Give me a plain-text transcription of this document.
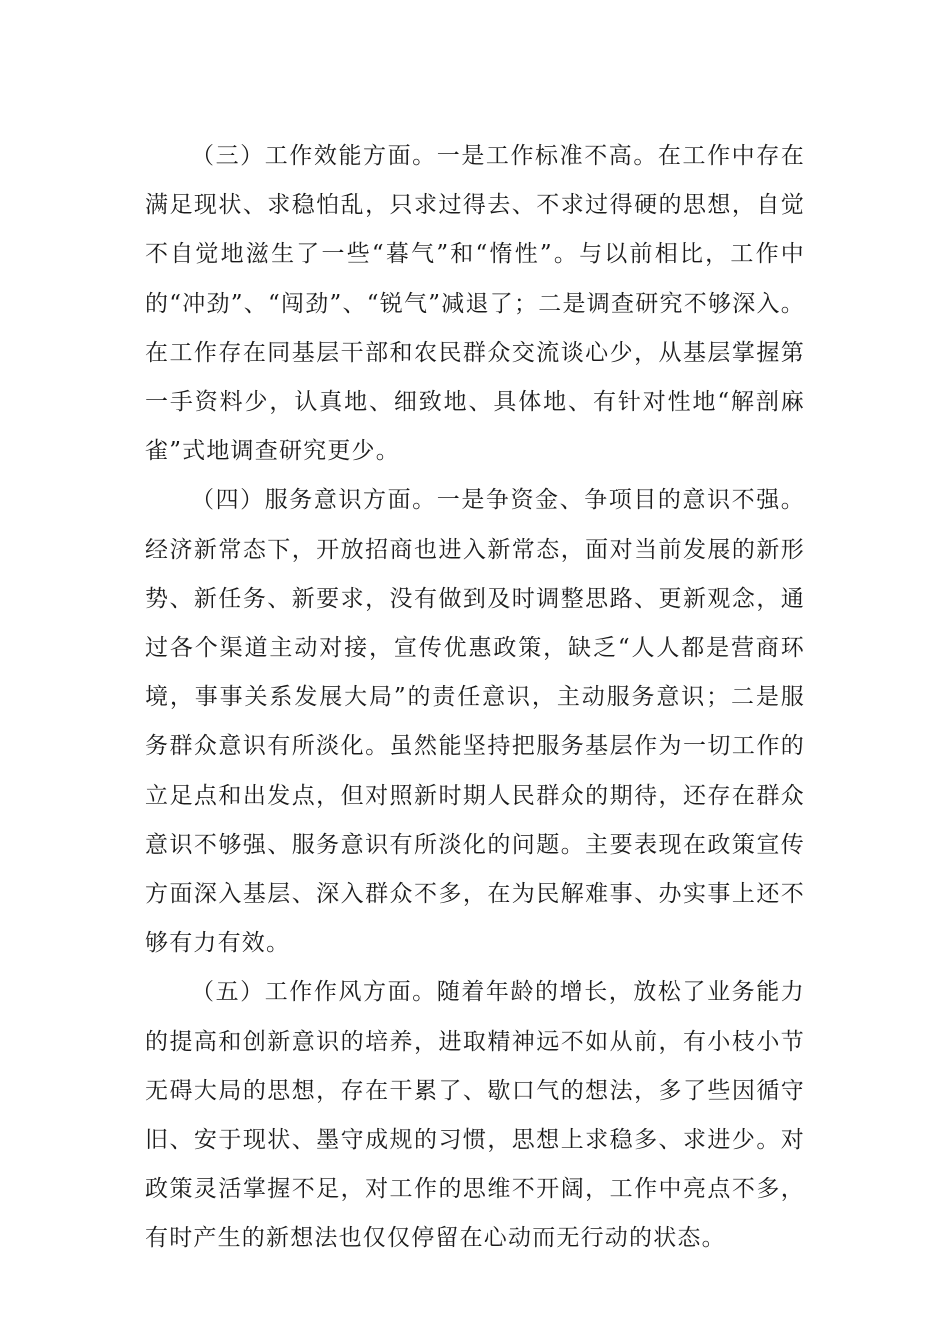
（三）工作效能方面。一是工作标准不高。在工作中存在满足现状、求稳怕乱，只求过得去、不求过得硬的思想，自觉不自觉地滋生了一些“暮气”和“惰性”。与以前相比，工作中的“冲劲”、“闯劲”、“锐气”减退了；二是调查研究不够深入。在工作存在同基层干部和农民群众交流谈心少，从基层掌握第一手资料少，认真地、细致地、具体地、有针对性地“解剖麻雀”式地调查研究更少。

（四）服务意识方面。一是争资金、争项目的意识不强。经济新常态下，开放招商也进入新常态，面对当前发展的新形势、新任务、新要求，没有做到及时调整思路、更新观念，通过各个渠道主动对接，宣传优惠政策，缺乏“人人都是营商环境，事事关系发展大局”的责任意识，主动服务意识；二是服务群众意识有所淡化。虽然能坚持把服务基层作为一切工作的立足点和出发点，但对照新时期人民群众的期待，还存在群众意识不够强、服务意识有所淡化的问题。主要表现在政策宣传方面深入基层、深入群众不多，在为民解难事、办实事上还不够有力有效。

（五）工作作风方面。随着年龄的增长，放松了业务能力的提高和创新意识的培养，进取精神远不如从前，有小枝小节无碍大局的思想，存在干累了、歇口气的想法，多了些因循守旧、安于现状、墨守成规的习惯，思想上求稳多、求进少。对政策灵活掌握不足，对工作的思维不开阔，工作中亮点不多，有时产生的新想法也仅仅停留在心动而无行动的状态。
